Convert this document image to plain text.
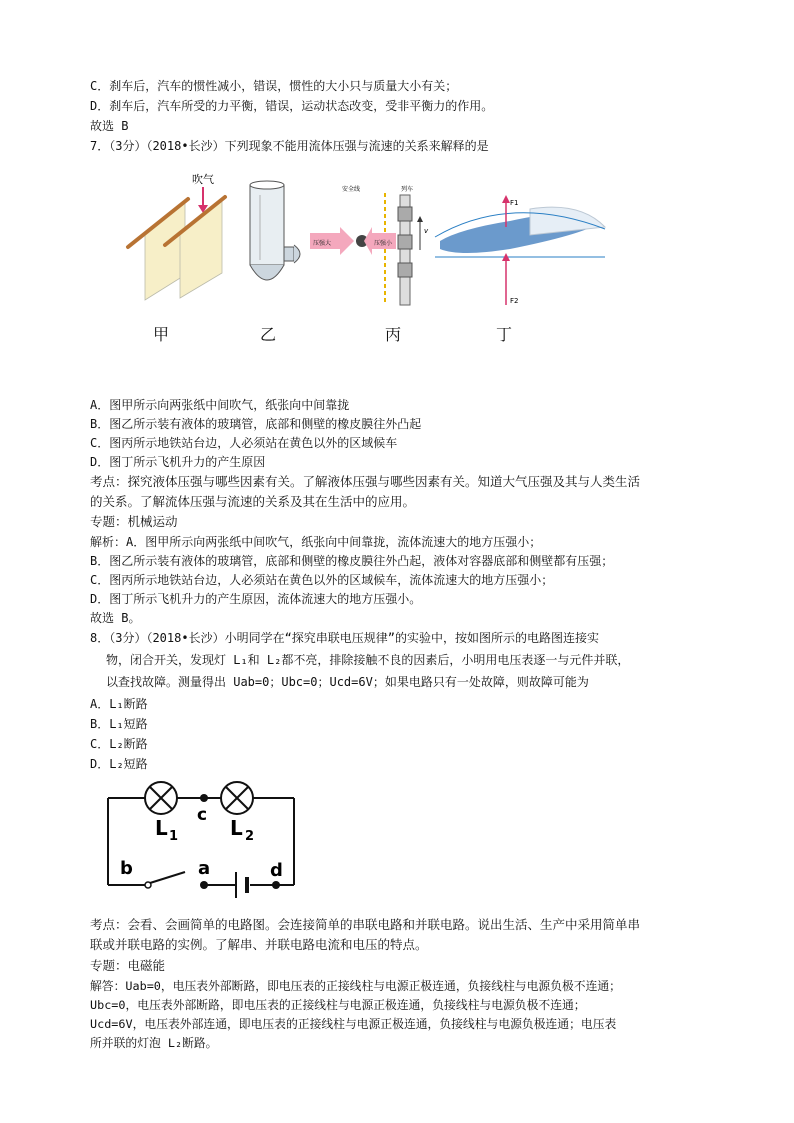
C．刹车后，汽车的惯性减小，错误，惯性的大小只与质量大小有关；
D．刹车后，汽车所受的力平衡，错误，运动状态改变，受非平衡力的作用。
故选 B
7．（3分）（2018•长沙）下列现象不能用流体压强与流速的关系来解释的是
吹气
安全线	列车
压强大	压强小
v
F1
F2
甲	乙	丙	丁
A．图甲所示向两张纸中间吹气，纸张向中间靠拢
B．图乙所示装有液体的玻璃管，底部和侧壁的橡皮膜往外凸起
C．图丙所示地铁站台边，人必须站在黄色以外的区域候车
D．图丁所示飞机升力的产生原因
考点：探究液体压强与哪些因素有关。了解液体压强与哪些因素有关。知道大气压强及其与人类生活
的关系。了解流体压强与流速的关系及其在生活中的应用。
专题：机械运动
解析：A．图甲所示向两张纸中间吹气，纸张向中间靠拢，流体流速大的地方压强小；
B．图乙所示装有液体的玻璃管，底部和侧壁的橡皮膜往外凸起，液体对容器底部和侧壁都有压强；
C．图丙所示地铁站台边，人必须站在黄色以外的区域候车，流体流速大的地方压强小；
D．图丁所示飞机升力的产生原因，流体流速大的地方压强小。
故选 B。
8．（3分）（2018•长沙）小明同学在“探究串联电压规律”的实验中，按如图所示的电路图连接实
物，闭合开关，发现灯 L₁和 L₂都不亮，排除接触不良的因素后，小明用电压表逐一与元件并联，
以查找故障。测量得出 Uab=0；Ubc=0；Ucd=6V；如果电路只有一处故障，则故障可能为
A．L₁断路
B．L₁短路
C．L₂断路
D．L₂短路
c
L 1	L 2
b	a	d
考点：会看、会画简单的电路图。会连接简单的串联电路和并联电路。说出生活、生产中采用简单串
联或并联电路的实例。了解串、并联电路电流和电压的特点。
专题：电磁能
解答：Uab=0，电压表外部断路，即电压表的正接线柱与电源正极连通，负接线柱与电源负极不连通；
Ubc=0，电压表外部断路，即电压表的正接线柱与电源正极连通，负接线柱与电源负极不连通；
Ucd=6V，电压表外部连通，即电压表的正接线柱与电源正极连通，负接线柱与电源负极连通；电压表
所并联的灯泡 L₂断路。
